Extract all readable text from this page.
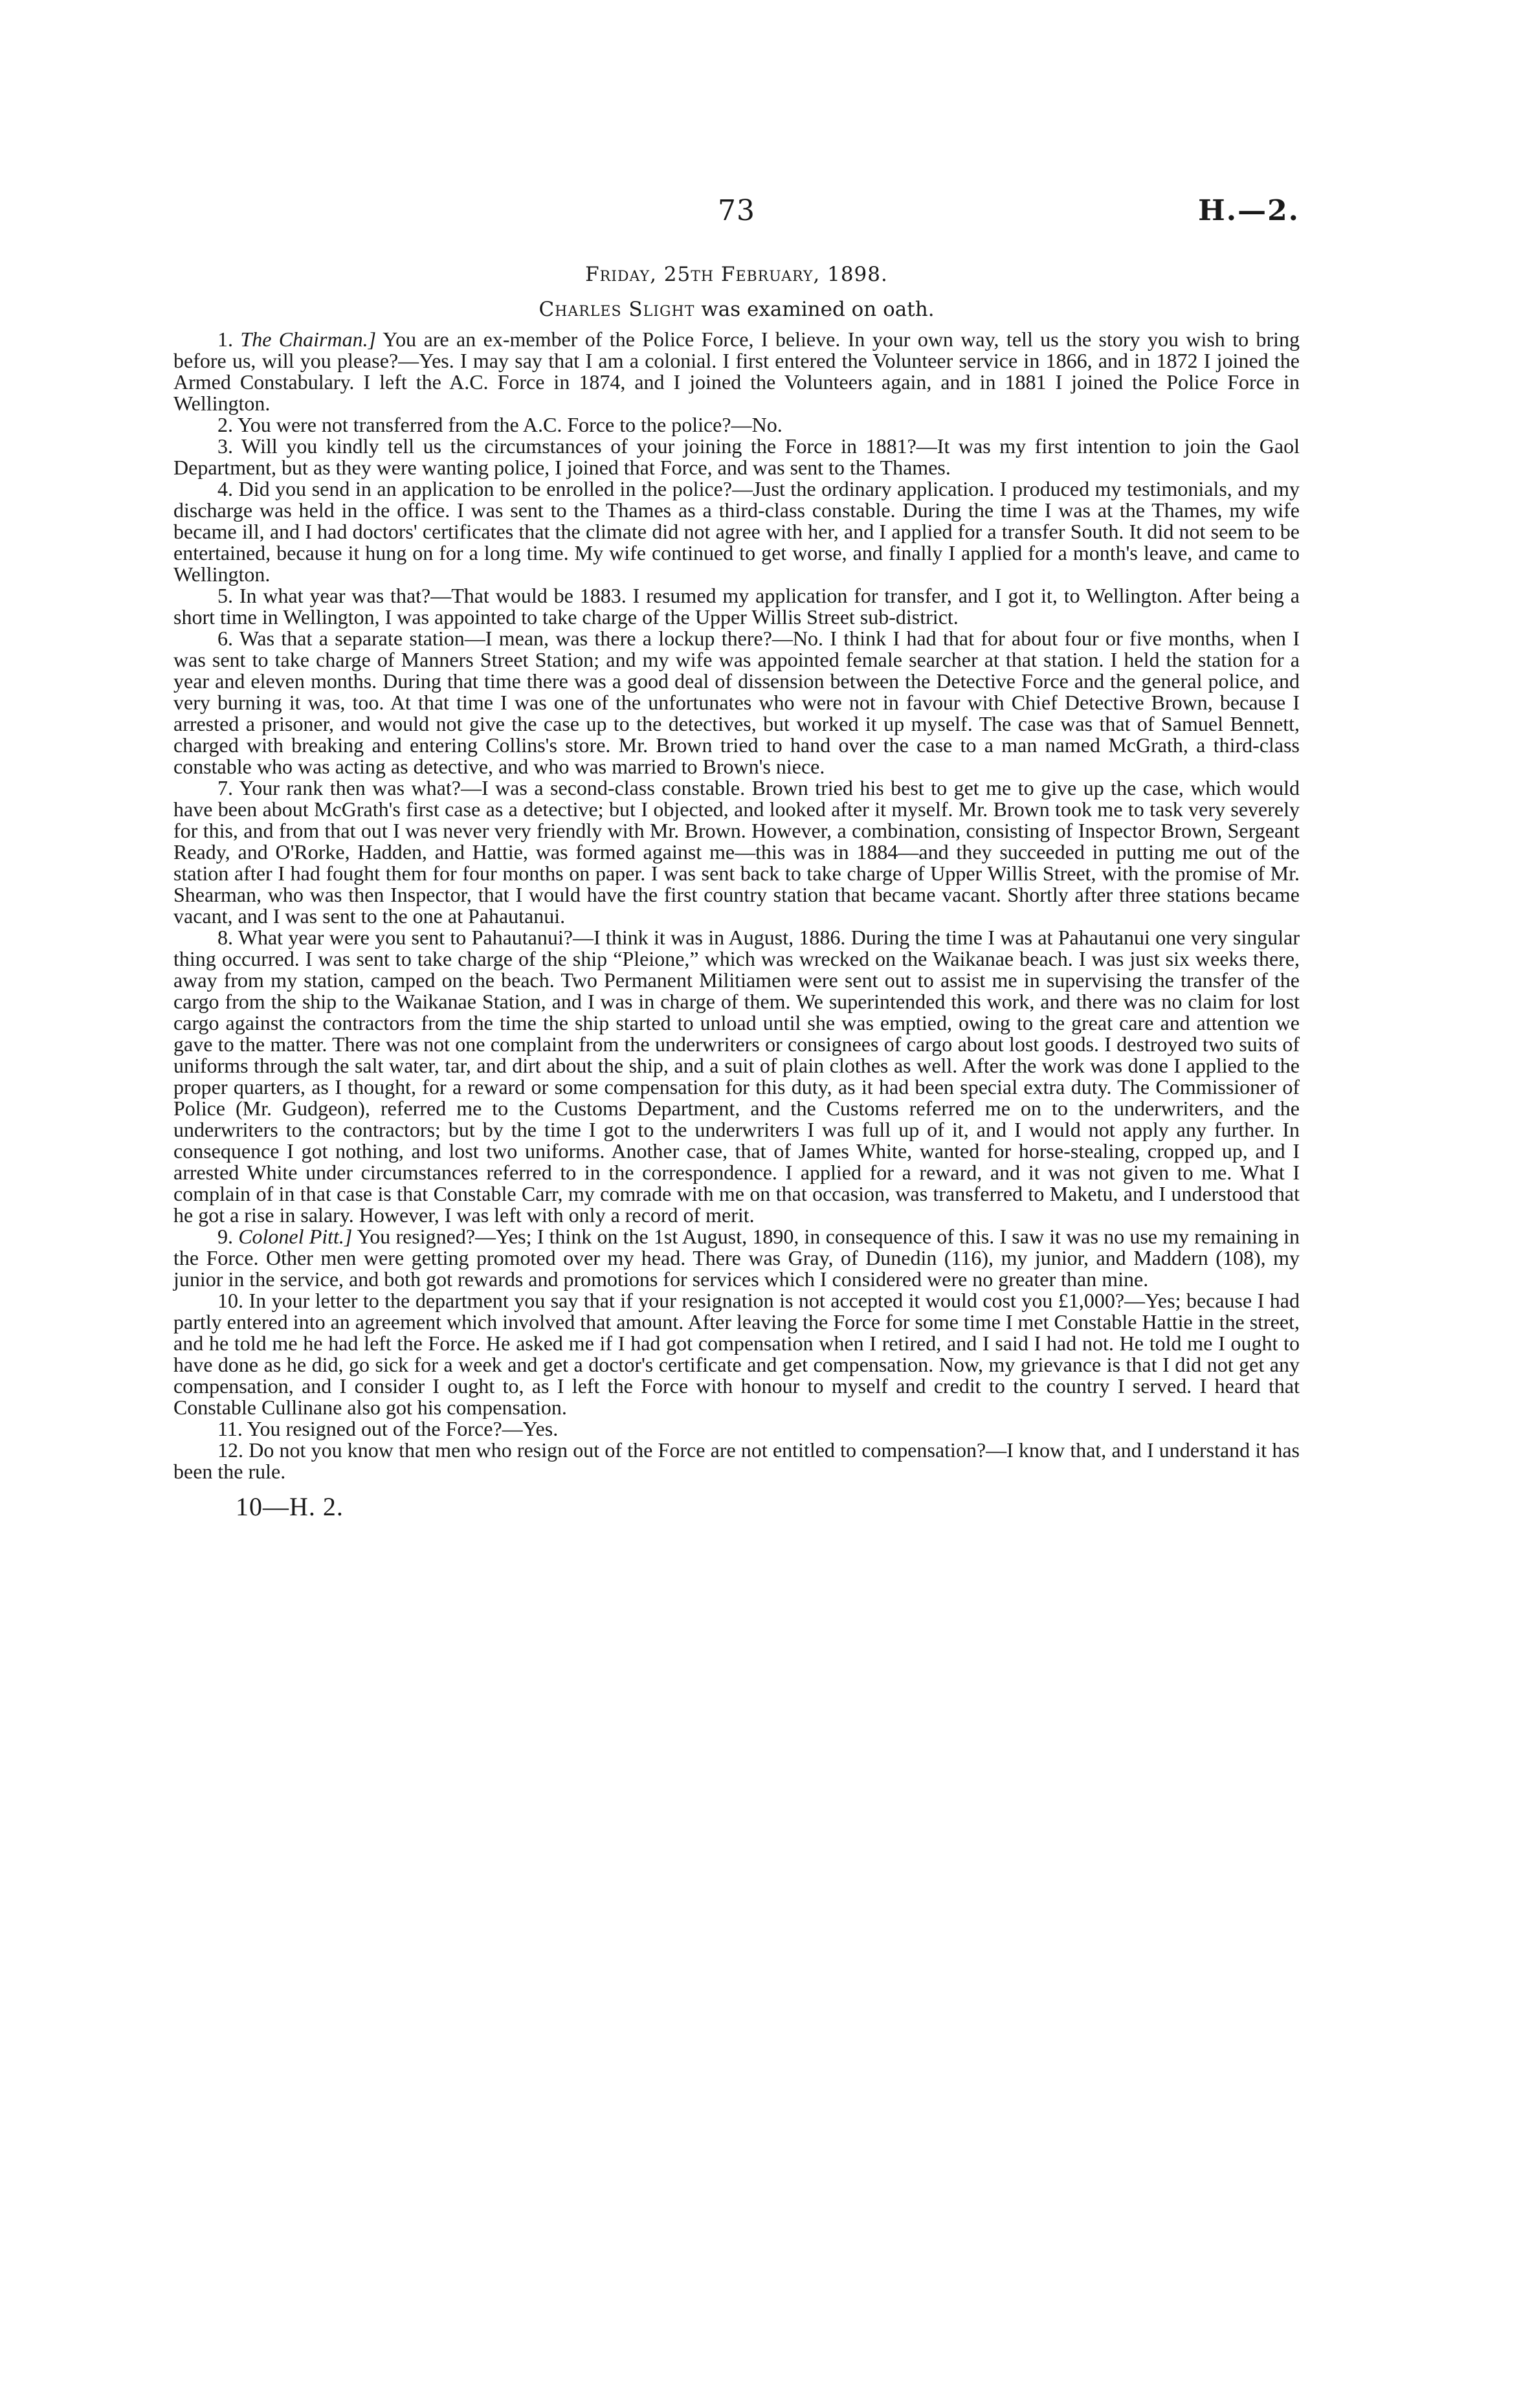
73	H.—2.
Friday, 25th February, 1898.
Charles Slight was examined on oath.

1. The Chairman.] You are an ex-member of the Police Force, I believe. In your own way, tell us the story you wish to bring before us, will you please?—Yes. I may say that I am a colonial. I first entered the Volunteer service in 1866, and in 1872 I joined the Armed Constabulary. I left the A.C. Force in 1874, and I joined the Volunteers again, and in 1881 I joined the Police Force in Wellington.

2. You were not transferred from the A.C. Force to the police?—No.

3. Will you kindly tell us the circumstances of your joining the Force in 1881?—It was my first intention to join the Gaol Department, but as they were wanting police, I joined that Force, and was sent to the Thames.

4. Did you send in an application to be enrolled in the police?—Just the ordinary application. I produced my testimonials, and my discharge was held in the office. I was sent to the Thames as a third-class constable. During the time I was at the Thames, my wife became ill, and I had doctors' certificates that the climate did not agree with her, and I applied for a transfer South. It did not seem to be entertained, because it hung on for a long time. My wife continued to get worse, and finally I applied for a month's leave, and came to Wellington.

5. In what year was that?—That would be 1883. I resumed my application for transfer, and I got it, to Wellington. After being a short time in Wellington, I was appointed to take charge of the Upper Willis Street sub-district.

6. Was that a separate station—I mean, was there a lockup there?—No. I think I had that for about four or five months, when I was sent to take charge of Manners Street Station; and my wife was appointed female searcher at that station. I held the station for a year and eleven months. During that time there was a good deal of dissension between the Detective Force and the general police, and very burning it was, too. At that time I was one of the unfortunates who were not in favour with Chief Detective Brown, because I arrested a prisoner, and would not give the case up to the detectives, but worked it up myself. The case was that of Samuel Bennett, charged with breaking and entering Collins's store. Mr. Brown tried to hand over the case to a man named McGrath, a third-class constable who was acting as detective, and who was married to Brown's niece.

7. Your rank then was what?—I was a second-class constable. Brown tried his best to get me to give up the case, which would have been about McGrath's first case as a detective; but I objected, and looked after it myself. Mr. Brown took me to task very severely for this, and from that out I was never very friendly with Mr. Brown. However, a combination, consisting of Inspector Brown, Sergeant Ready, and O'Rorke, Hadden, and Hattie, was formed against me—this was in 1884—and they succeeded in putting me out of the station after I had fought them for four months on paper. I was sent back to take charge of Upper Willis Street, with the promise of Mr. Shearman, who was then Inspector, that I would have the first country station that became vacant. Shortly after three stations became vacant, and I was sent to the one at Pahautanui.

8. What year were you sent to Pahautanui?—I think it was in August, 1886. During the time I was at Pahautanui one very singular thing occurred. I was sent to take charge of the ship “Pleione,” which was wrecked on the Waikanae beach. I was just six weeks there, away from my station, camped on the beach. Two Permanent Militiamen were sent out to assist me in supervising the transfer of the cargo from the ship to the Waikanae Station, and I was in charge of them. We superintended this work, and there was no claim for lost cargo against the contractors from the time the ship started to unload until she was emptied, owing to the great care and attention we gave to the matter. There was not one complaint from the underwriters or consignees of cargo about lost goods. I destroyed two suits of uniforms through the salt water, tar, and dirt about the ship, and a suit of plain clothes as well. After the work was done I applied to the proper quarters, as I thought, for a reward or some compensation for this duty, as it had been special extra duty. The Commissioner of Police (Mr. Gudgeon), referred me to the Customs Department, and the Customs referred me on to the underwriters, and the underwriters to the contractors; but by the time I got to the underwriters I was full up of it, and I would not apply any further. In consequence I got nothing, and lost two uniforms. Another case, that of James White, wanted for horse-stealing, cropped up, and I arrested White under circumstances referred to in the correspondence. I applied for a reward, and it was not given to me. What I complain of in that case is that Constable Carr, my comrade with me on that occasion, was transferred to Maketu, and I understood that he got a rise in salary. However, I was left with only a record of merit.

9. Colonel Pitt.] You resigned?—Yes; I think on the 1st August, 1890, in consequence of this. I saw it was no use my remaining in the Force. Other men were getting promoted over my head. There was Gray, of Dunedin (116), my junior, and Maddern (108), my junior in the service, and both got rewards and promotions for services which I considered were no greater than mine.

10. In your letter to the department you say that if your resignation is not accepted it would cost you £1,000?—Yes; because I had partly entered into an agreement which involved that amount. After leaving the Force for some time I met Constable Hattie in the street, and he told me he had left the Force. He asked me if I had got compensation when I retired, and I said I had not. He told me I ought to have done as he did, go sick for a week and get a doctor's certificate and get compensation. Now, my grievance is that I did not get any compensation, and I consider I ought to, as I left the Force with honour to myself and credit to the country I served. I heard that Constable Cullinane also got his compensation.

11. You resigned out of the Force?—Yes.

12. Do not you know that men who resign out of the Force are not entitled to compensation?—I know that, and I understand it has been the rule.

10—H. 2.
